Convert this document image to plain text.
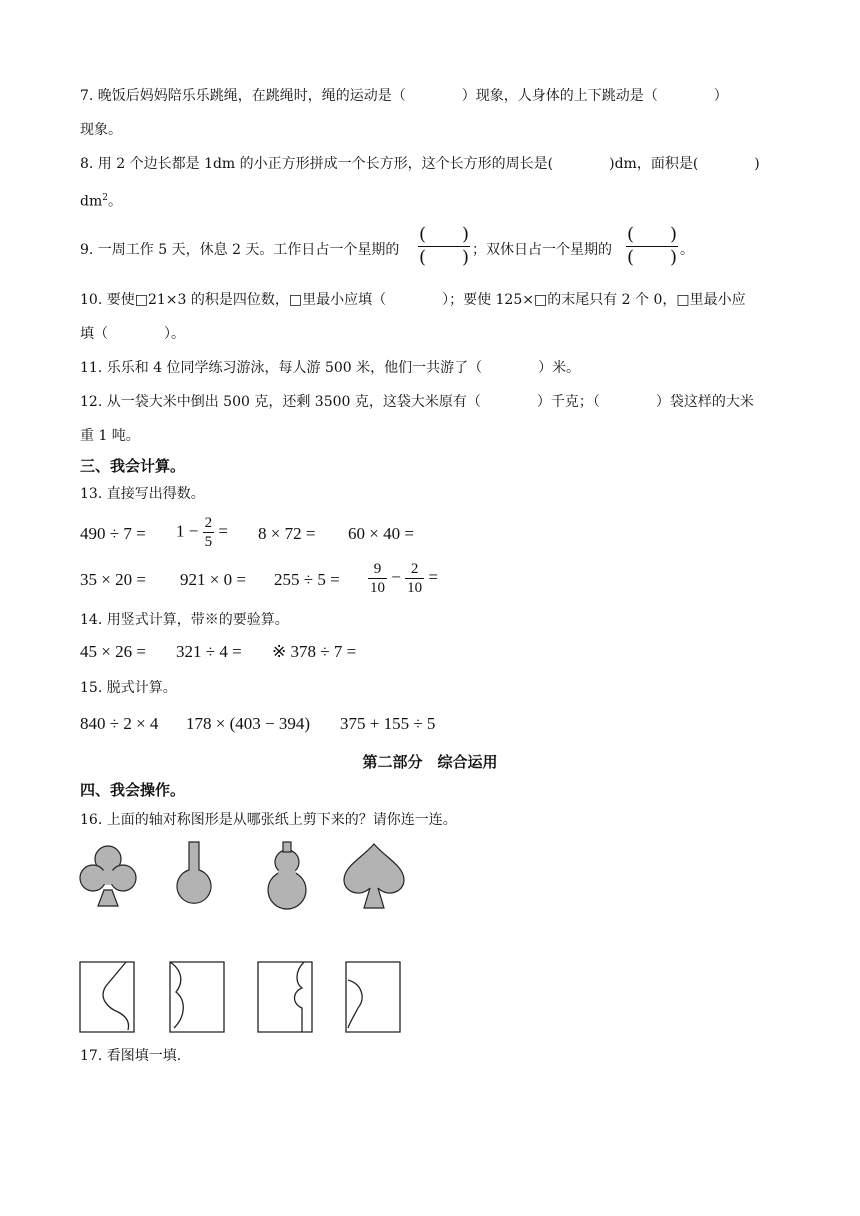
7. 晚饭后妈妈陪乐乐跳绳，在跳绳时，绳的运动是（　　　　）现象，人身体的上下跳动是（　　　　）
现象。
8. 用 2 个边长都是 1dm 的小正方形拼成一个长方形，这个长方形的周长是(　　　　)dm，面积是(　　　　)
$dm^2$。
9. 一周工作 5 天，休息 2 天。工作日占一个星期的
(　　)
(　　) ；双休日占一个星期的
(　　)
(　　) 。
10. 要使□21×3 的积是四位数，□里最小应填（　　　　）；要使 125×□的末尾只有 2 个 0，□里最小应
填（　　　　）。
11. 乐乐和 4 位同学练习游泳，每人游 500 米，他们一共游了（　　　　）米。
12. 从一袋大米中倒出 500 克，还剩 3500 克，这袋大米原有（　　　　）千克；（　　　　）袋这样的大米
重 1 吨。
三、我会计算。
13. 直接写出得数。
$490 \div 7 = 1 - \frac{2}{5} = 8 \times 72 = 60 \times 40$ =
$35 \times 20 = 921 \times 0 = 255 \div 5 = \frac{9}{10} - \frac{2}{10}$ =
14. 用竖式计算，带※的要验算。
45 × 26 = 321 ÷ 4 = ※ 378 ÷ 7 =
15. 脱式计算。
840 ÷ 2 × 4 178 × (403 − 394) 375 + 155 ÷ 5
第二部分　综合运用
四、我会操作。
16. 上面的轴对称图形是从哪张纸上剪下来的？请你连一连。
17. 看图填一填.
